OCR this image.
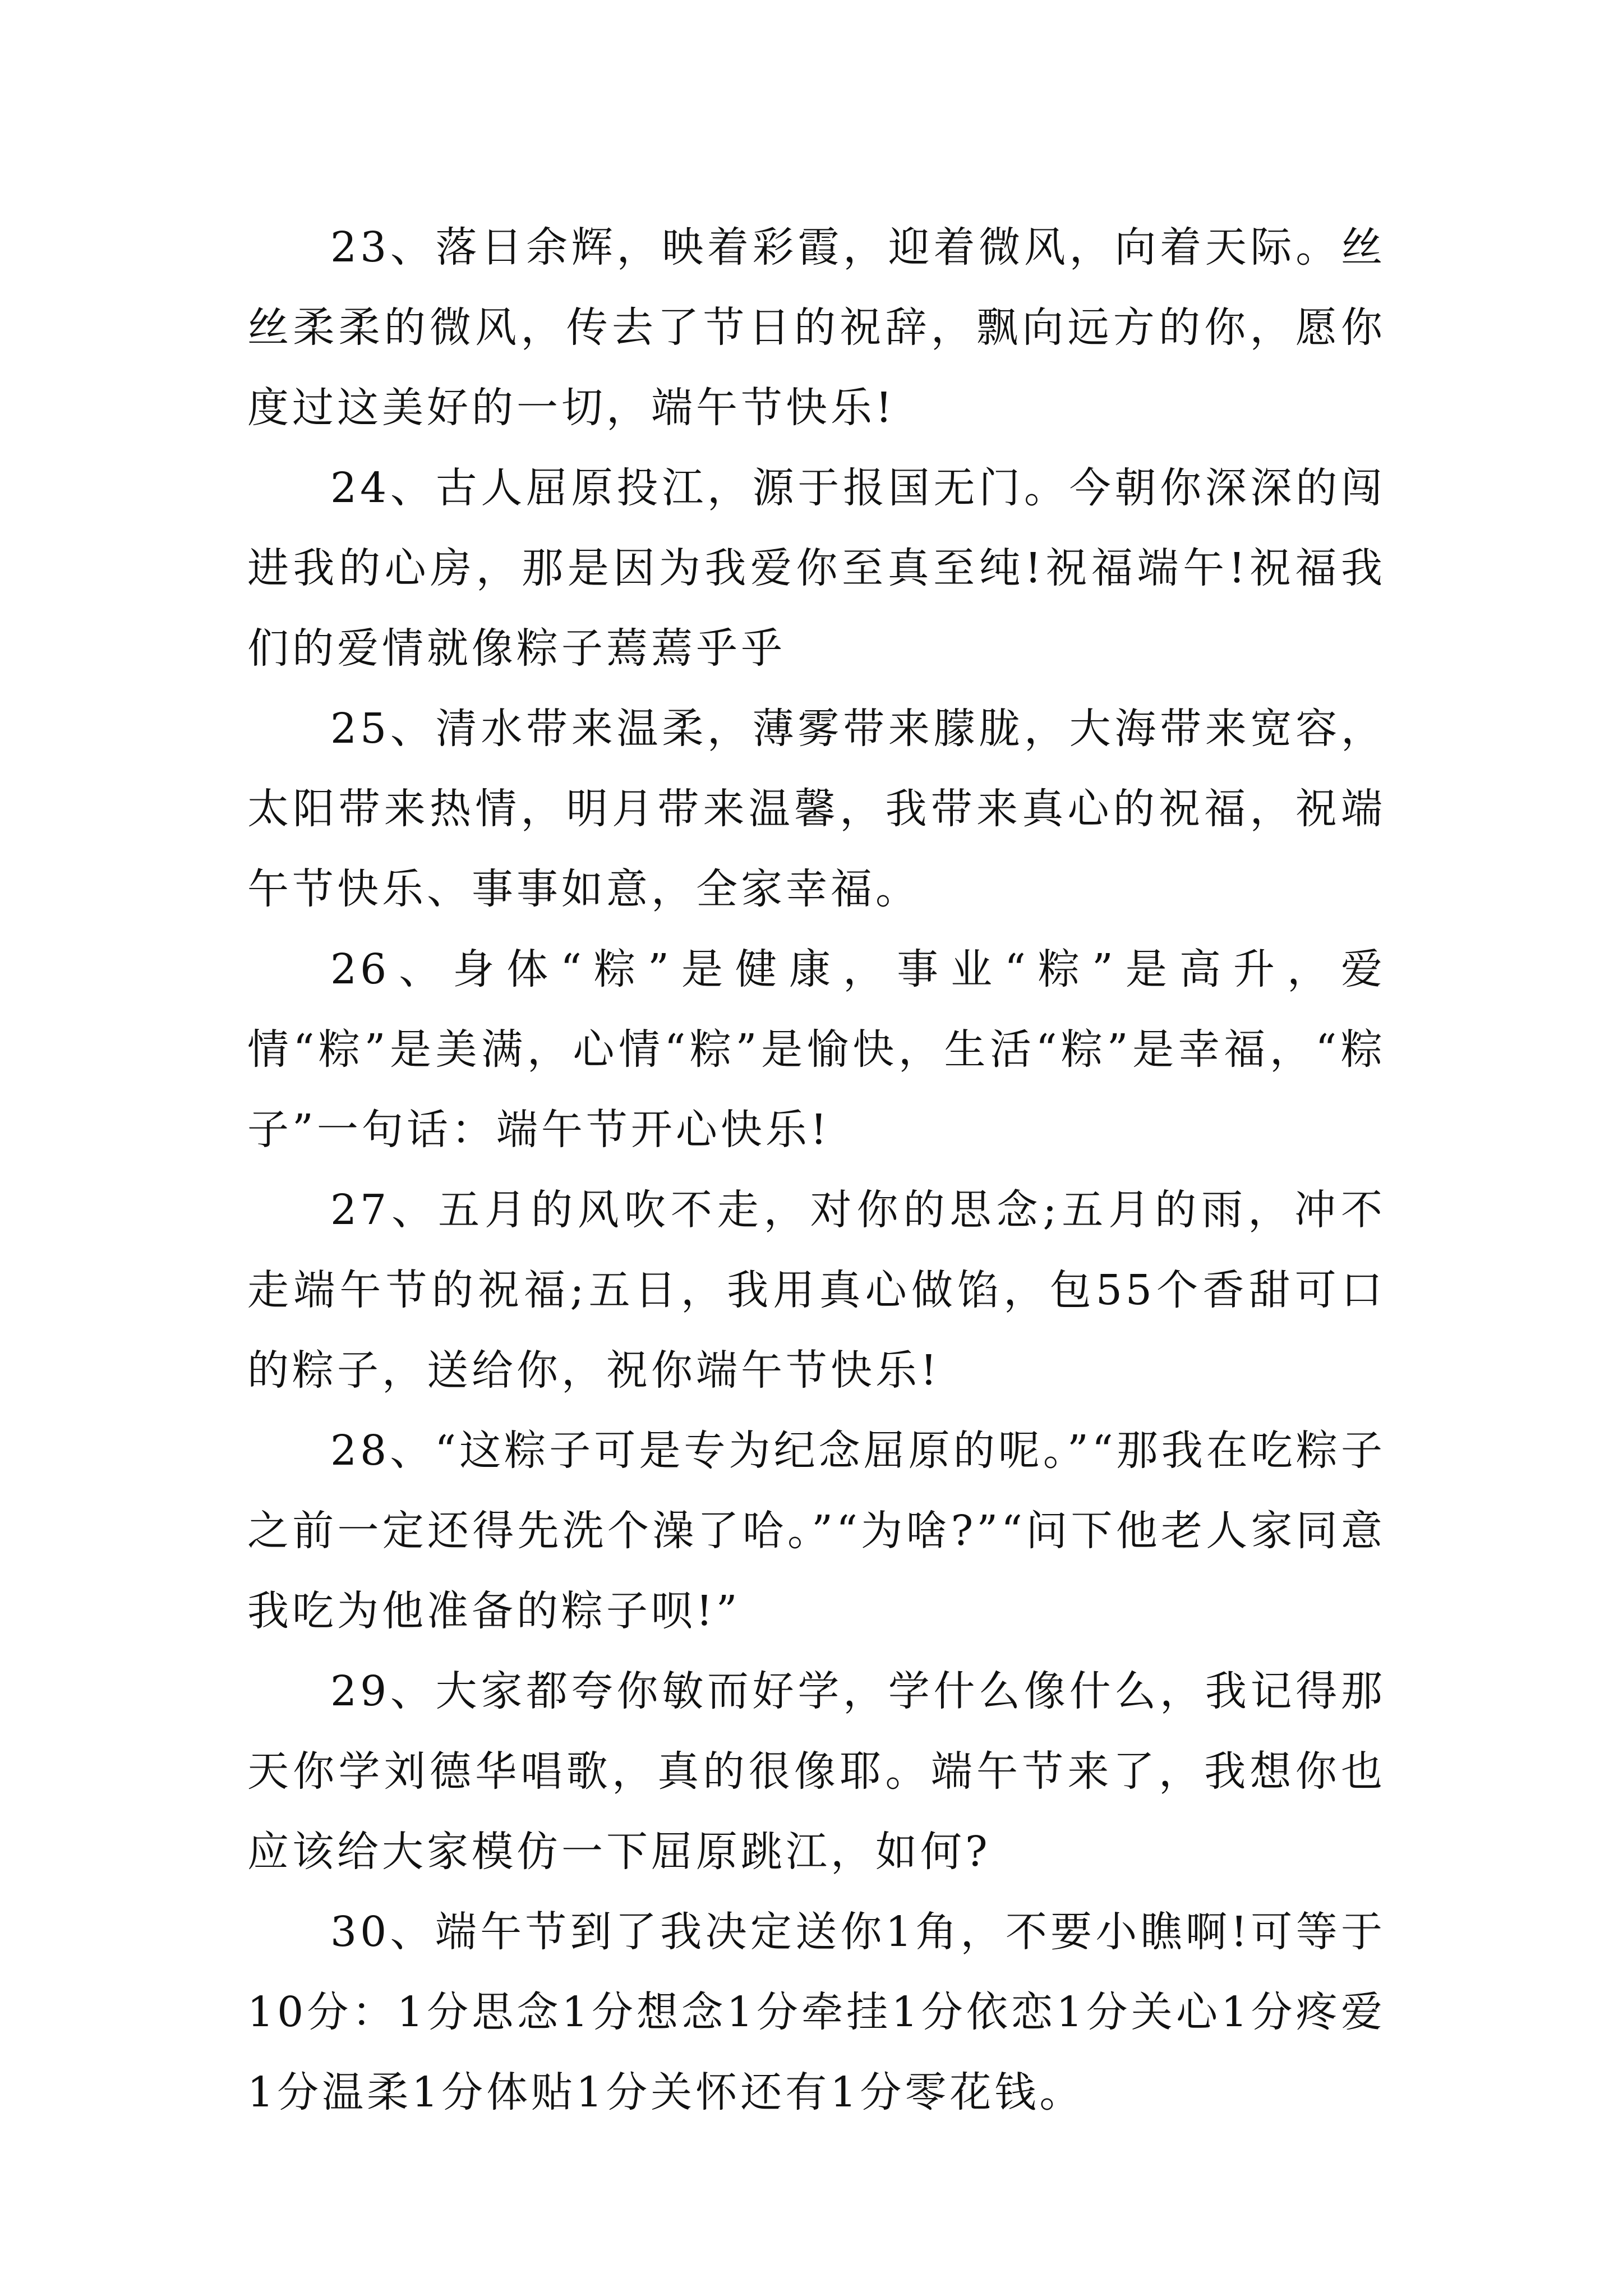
23、落日余辉，映着彩霞，迎着微风，向着天际。丝丝柔柔的微风，传去了节日的祝辞，飘向远方的你，愿你度过这美好的一切，端午节快乐!

24、古人屈原投江，源于报国无门。今朝你深深的闯进我的心房，那是因为我爱你至真至纯!祝福端午!祝福我们的爱情就像粽子蔫蔫乎乎

25、清水带来温柔，薄雾带来朦胧，大海带来宽容，太阳带来热情，明月带来温馨，我带来真心的祝福，祝端午节快乐、事事如意，全家幸福。

26、身体“粽”是健康，事业“粽”是高升，爱情“粽”是美满，心情“粽”是愉快，生活“粽”是幸福，“粽子”一句话：端午节开心快乐!

27、五月的风吹不走，对你的思念;五月的雨，冲不走端午节的祝福;五日，我用真心做馅，包55个香甜可口的粽子，送给你，祝你端午节快乐!

28、“这粽子可是专为纪念屈原的呢。”“那我在吃粽子之前一定还得先洗个澡了哈。”“为啥?”“问下他老人家同意我吃为他准备的粽子呗!”

29、大家都夸你敏而好学，学什么像什么，我记得那天你学刘德华唱歌，真的很像耶。端午节来了，我想你也应该给大家模仿一下屈原跳江，如何?

30、端午节到了我决定送你1角，不要小瞧啊!可等于10分：1分思念1分想念1分牵挂1分依恋1分关心1分疼爱1分温柔1分体贴1分关怀还有1分零花钱。
